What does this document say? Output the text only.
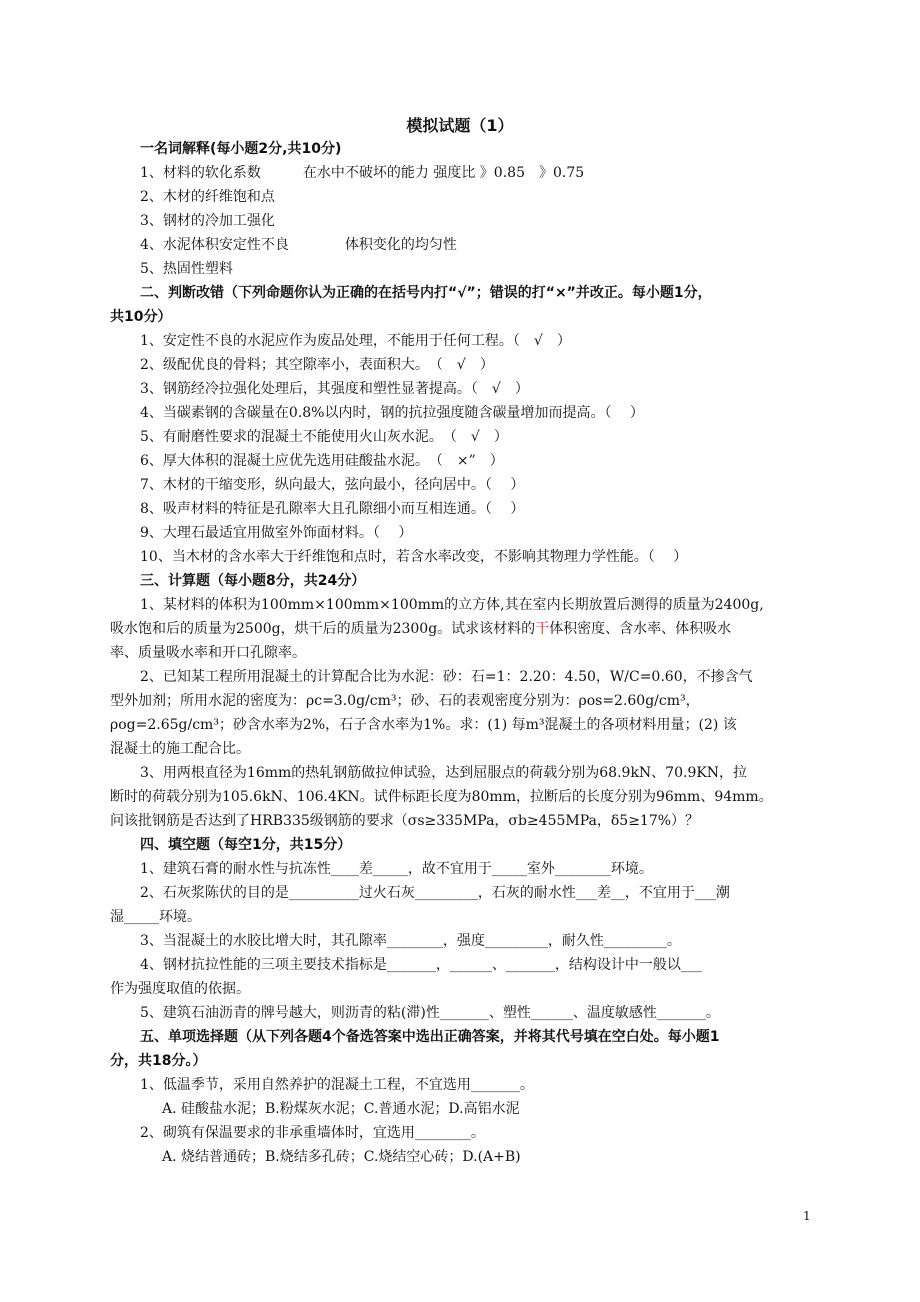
模拟试题（1）
一名词解释(每小题2分,共10分)
1、材料的软化系数　　　在水中不破坏的能力 强度比 》0.85　》0.75
2、木材的纤维饱和点
3、钢材的冷加工强化
4、水泥体积安定性不良　　　　体积变化的均匀性
5、热固性塑料
二、判断改错（下列命题你认为正确的在括号内打“√”；错误的打“×”并改正。每小题1分，
共10分）
1、安定性不良的水泥应作为废品处理，不能用于任何工程。（　√　）
2、级配优良的骨料；其空隙率小，表面积大。　（　√　）
3、钢筋经冷拉强化处理后，其强度和塑性显著提高。（　√　）
4、当碳素钢的含碳量在0.8%以内时，钢的抗拉强度随含碳量增加而提高。（　 ）
5、有耐磨性要求的混凝土不能使用火山灰水泥。　（　√　）
6、厚大体积的混凝土应优先选用硅酸盐水泥。　（　×”　）
7、木材的干缩变形，纵向最大，弦向最小，径向居中。（　 ）
8、吸声材料的特征是孔隙率大且孔隙细小而互相连通。（　 ）
9、大理石最适宜用做室外饰面材料。（　 ）
10、当木材的含水率大于纤维饱和点时，若含水率改变，不影响其物理力学性能。（　 ）
三、计算题（每小题8分，共24分）
1、某材料的体积为100mm×100mm×100mm的立方体,其在室内长期放置后测得的质量为2400g,
吸水饱和后的质量为2500g，烘干后的质量为2300g。试求该材料的干体积密度、含水率、体积吸水
率、质量吸水率和开口孔隙率。
2、已知某工程所用混凝土的计算配合比为水泥：砂：石=1：2.20：4.50，W/C=0.60，不掺含气
型外加剂；所用水泥的密度为：ρc=3.0g/cm³；砂、石的表观密度分别为：ρos=2.60g/cm³，
ρog=2.65g/cm³；砂含水率为2%，石子含水率为1%。求：(1) 每m³混凝土的各项材料用量；(2) 该
混凝土的施工配合比。
3、用两根直径为16mm的热轧钢筋做拉伸试验，达到屈服点的荷载分别为68.9kN、70.9KN，拉
断时的荷载分别为105.6kN、106.4KN。试件标距长度为80mm，拉断后的长度分别为96mm、94mm。
问该批钢筋是否达到了HRB335级钢筋的要求（σs≥335MPa，σb≥455MPa，δ5≥17%）？
四、填空题（每空1分，共15分）
1、建筑石膏的耐水性与抗冻性____差_____，故不宜用于_____室外________环境。
2、石灰浆陈伏的目的是__________过火石灰_________，石灰的耐水性___差__，不宜用于___潮
湿_____环境。
3、当混凝土的水胶比增大时，其孔隙率________，强度_________，耐久性_________。
4、钢材抗拉性能的三项主要技术指标是_______，______、_______，结构设计中一般以___
作为强度取值的依据。
5、建筑石油沥青的牌号越大，则沥青的粘(滞)性_______、塑性______、温度敏感性_______。
五、单项选择题（从下列各题4个备选答案中选出正确答案，并将其代号填在空白处。每小题1
分，共18分。）
1、低温季节，采用自然养护的混凝土工程，不宜选用_______。
A. 硅酸盐水泥；B.粉煤灰水泥；C.普通水泥；D.高铝水泥
2、砌筑有保温要求的非承重墙体时，宜选用________。
A. 烧结普通砖；B.烧结多孔砖；C.烧结空心砖；D.(A+B)
1
